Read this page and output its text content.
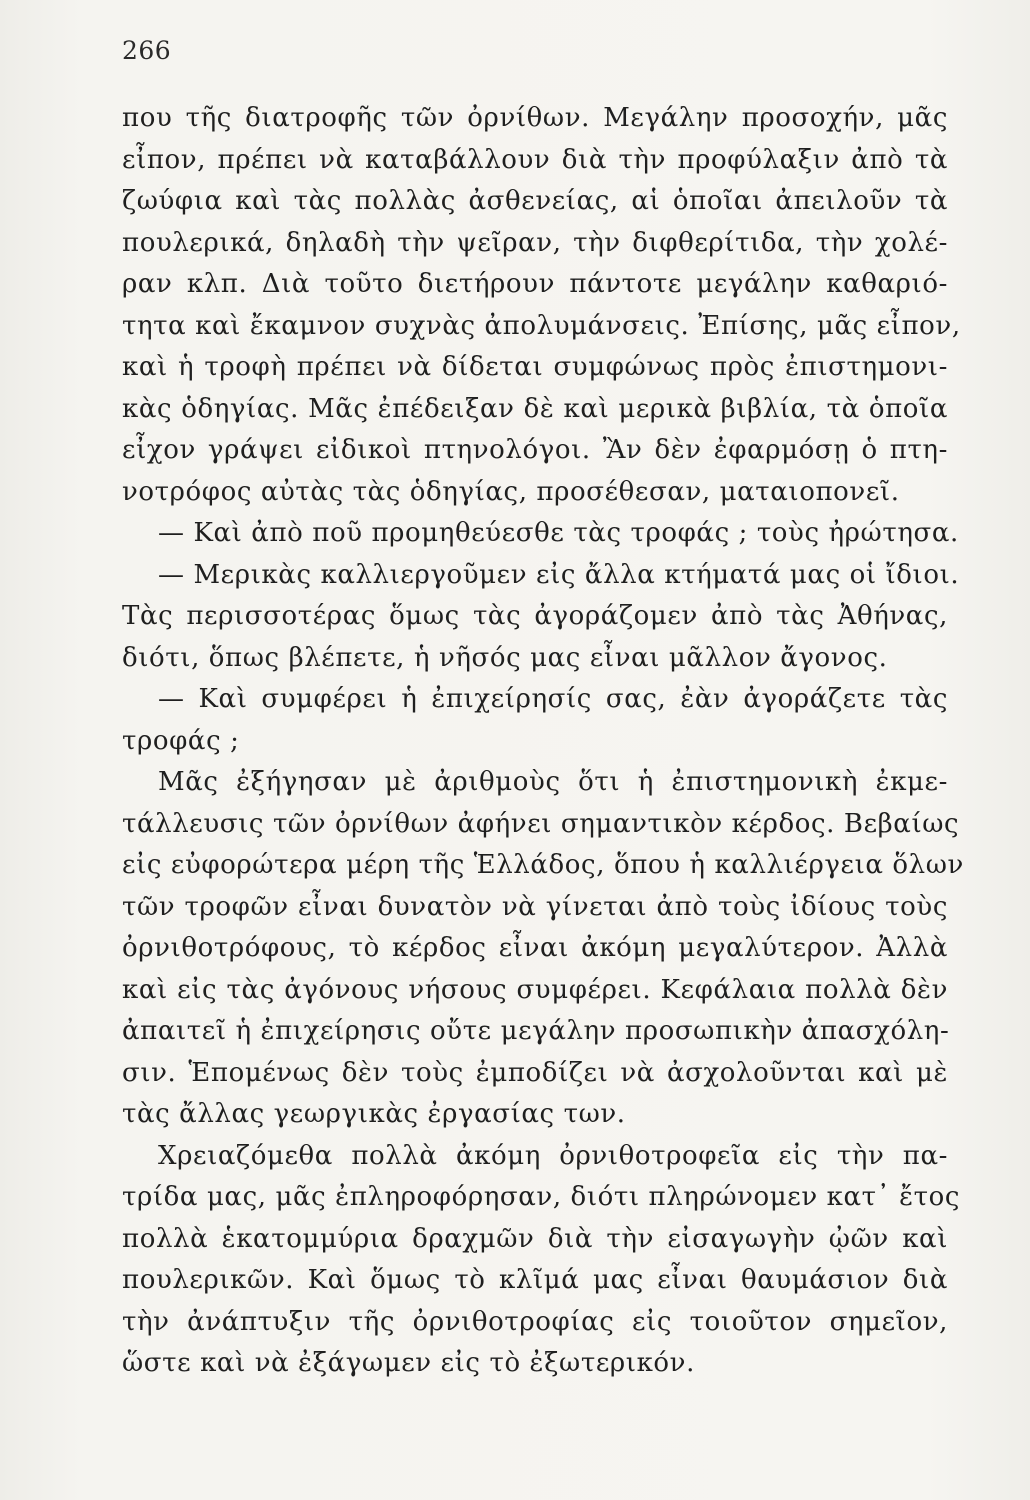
266
που τῆς διατροφῆς τῶν ὀρνίθων. Μεγάλην προσοχήν, μᾶς
εἶπον, πρέπει νὰ καταβάλλουν διὰ τὴν προφύλαξιν ἀπὸ τὰ
ζωύφια καὶ τὰς πολλὰς ἀσθενείας, αἱ ὁποῖαι ἀπειλοῦν τὰ
πουλερικά, δηλαδὴ τὴν ψεῖραν, τὴν διφθερίτιδα, τὴν χολέ-
ραν κλπ. Διὰ τοῦτο διετήρουν πάντοτε μεγάλην καθαριό-
τητα καὶ ἔκαμνον συχνὰς ἀπολυμάνσεις. Ἐπίσης, μᾶς εἶπον,
καὶ ἡ τροφὴ πρέπει νὰ δίδεται συμφώνως πρὸς ἐπιστημονι-
κὰς ὁδηγίας. Μᾶς ἐπέδειξαν δὲ καὶ μερικὰ βιβλία, τὰ ὁποῖα
εἶχον γράψει εἰδικοὶ πτηνολόγοι. Ἂν δὲν ἐφαρμόσῃ ὁ πτη-
νοτρόφος αὐτὰς τὰς ὁδηγίας, προσέθεσαν, ματαιοπονεῖ.
— Καὶ ἀπὸ ποῦ προμηθεύεσθε τὰς τροφάς ; τοὺς ἠρώτησα.
— Μερικὰς καλλιεργοῦμεν εἰς ἄλλα κτήματά μας οἱ ἴδιοι.
Τὰς περισσοτέρας ὅμως τὰς ἀγοράζομεν ἀπὸ τὰς Ἀθήνας,
διότι, ὅπως βλέπετε, ἡ νῆσός μας εἶναι μᾶλλον ἄγονος.
— Καὶ συμφέρει ἡ ἐπιχείρησίς σας, ἐὰν ἀγοράζετε τὰς
τροφάς ;
Μᾶς ἐξήγησαν μὲ ἀριθμοὺς ὅτι ἡ ἐπιστημονικὴ ἐκμε-
τάλλευσις τῶν ὀρνίθων ἀφήνει σημαντικὸν κέρδος. Βεβαίως
εἰς εὐφορώτερα μέρη τῆς Ἑλλάδος, ὅπου ἡ καλλιέργεια ὅλων
τῶν τροφῶν εἶναι δυνατὸν νὰ γίνεται ἀπὸ τοὺς ἰδίους τοὺς
ὀρνιθοτρόφους, τὸ κέρδος εἶναι ἀκόμη μεγαλύτερον. Ἀλλὰ
καὶ εἰς τὰς ἀγόνους νήσους συμφέρει. Κεφάλαια πολλὰ δὲν
ἀπαιτεῖ ἡ ἐπιχείρησις οὔτε μεγάλην προσωπικὴν ἀπασχόλη-
σιν. Ἑπομένως δὲν τοὺς ἐμποδίζει νὰ ἀσχολοῦνται καὶ μὲ
τὰς ἄλλας γεωργικὰς ἐργασίας των.
Χρειαζόμεθα πολλὰ ἀκόμη ὀρνιθοτροφεῖα εἰς τὴν πα-
τρίδα μας, μᾶς ἐπληροφόρησαν, διότι πληρώνομεν κατ᾽ ἔτος
πολλὰ ἑκατομμύρια δραχμῶν διὰ τὴν εἰσαγωγὴν ᾠῶν καὶ
πουλερικῶν. Καὶ ὅμως τὸ κλῖμά μας εἶναι θαυμάσιον διὰ
τὴν ἀνάπτυξιν τῆς ὀρνιθοτροφίας εἰς τοιοῦτον σημεῖον,
ὥστε καὶ νὰ ἐξάγωμεν εἰς τὸ ἐξωτερικόν.
